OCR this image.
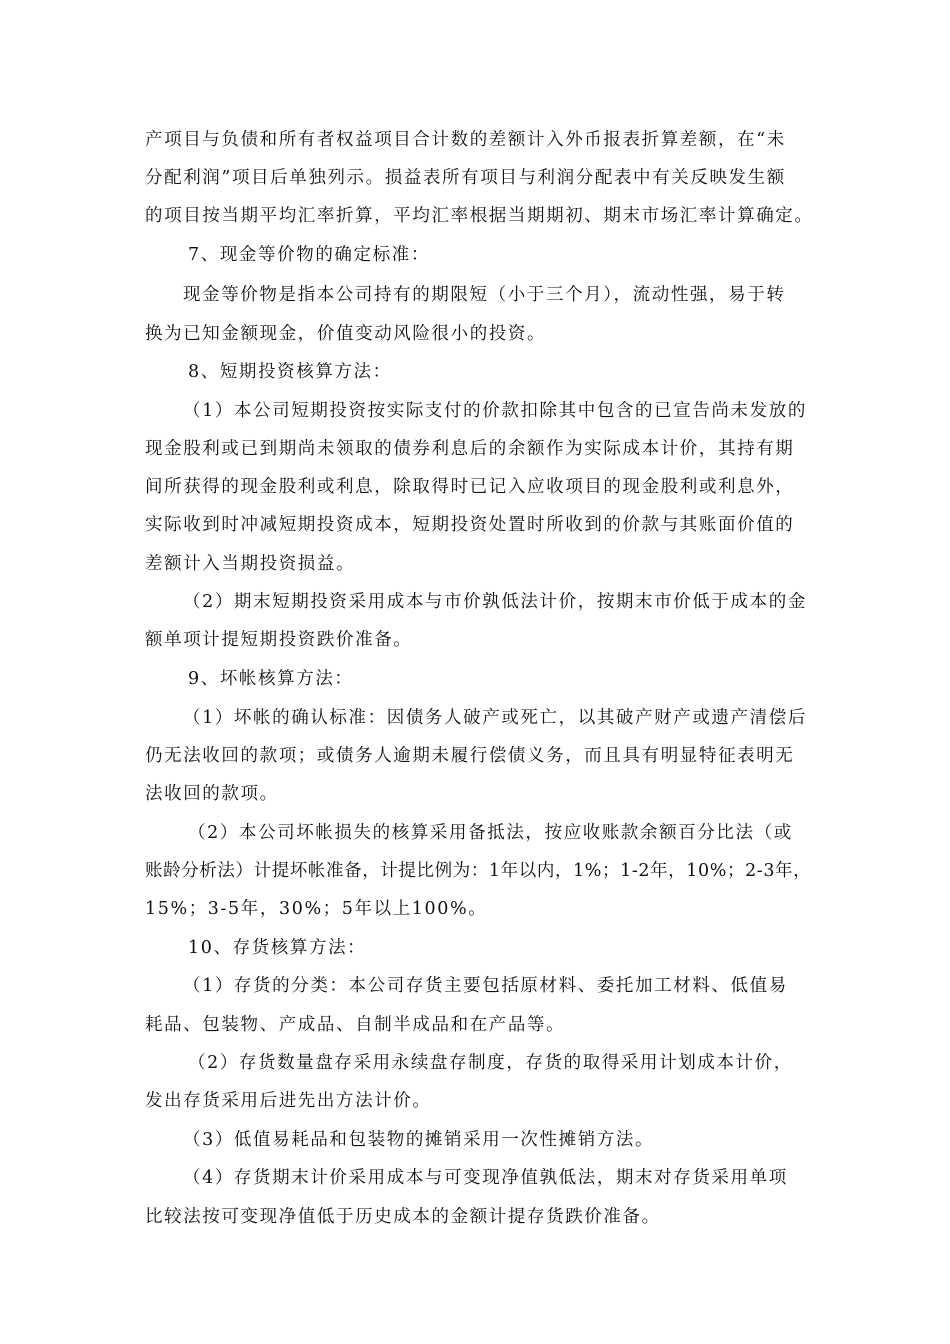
产项目与负债和所有者权益项目合计数的差额计入外币报表折算差额，在“未
分配利润”项目后单独列示。损益表所有项目与利润分配表中有关反映发生额
的项目按当期平均汇率折算，平均汇率根据当期期初、期末市场汇率计算确定。
7、现金等价物的确定标准：
现金等价物是指本公司持有的期限短（小于三个月），流动性强，易于转
换为已知金额现金，价值变动风险很小的投资。
8、短期投资核算方法：
（1）本公司短期投资按实际支付的价款扣除其中包含的已宣告尚未发放的
现金股利或已到期尚未领取的债券利息后的余额作为实际成本计价，其持有期
间所获得的现金股利或利息，除取得时已记入应收项目的现金股利或利息外，
实际收到时冲减短期投资成本，短期投资处置时所收到的价款与其账面价值的
差额计入当期投资损益。
（2）期末短期投资采用成本与市价孰低法计价，按期末市价低于成本的金
额单项计提短期投资跌价准备。
9、坏帐核算方法：
（1）坏帐的确认标准：因债务人破产或死亡，以其破产财产或遗产清偿后
仍无法收回的款项；或债务人逾期未履行偿债义务，而且具有明显特征表明无
法收回的款项。
（2）本公司坏帐损失的核算采用备抵法，按应收账款余额百分比法（或
账龄分析法）计提坏帐准备，计提比例为：1年以内，1%；1-2年，10%；2-3年，
15%；3-5年，30%；5年以上100%。
10、存货核算方法：
（1）存货的分类：本公司存货主要包括原材料、委托加工材料、低值易
耗品、包装物、产成品、自制半成品和在产品等。
（2）存货数量盘存采用永续盘存制度，存货的取得采用计划成本计价，
发出存货采用后进先出方法计价。
（3）低值易耗品和包装物的摊销采用一次性摊销方法。
（4）存货期末计价采用成本与可变现净值孰低法，期末对存货采用单项
比较法按可变现净值低于历史成本的金额计提存货跌价准备。
